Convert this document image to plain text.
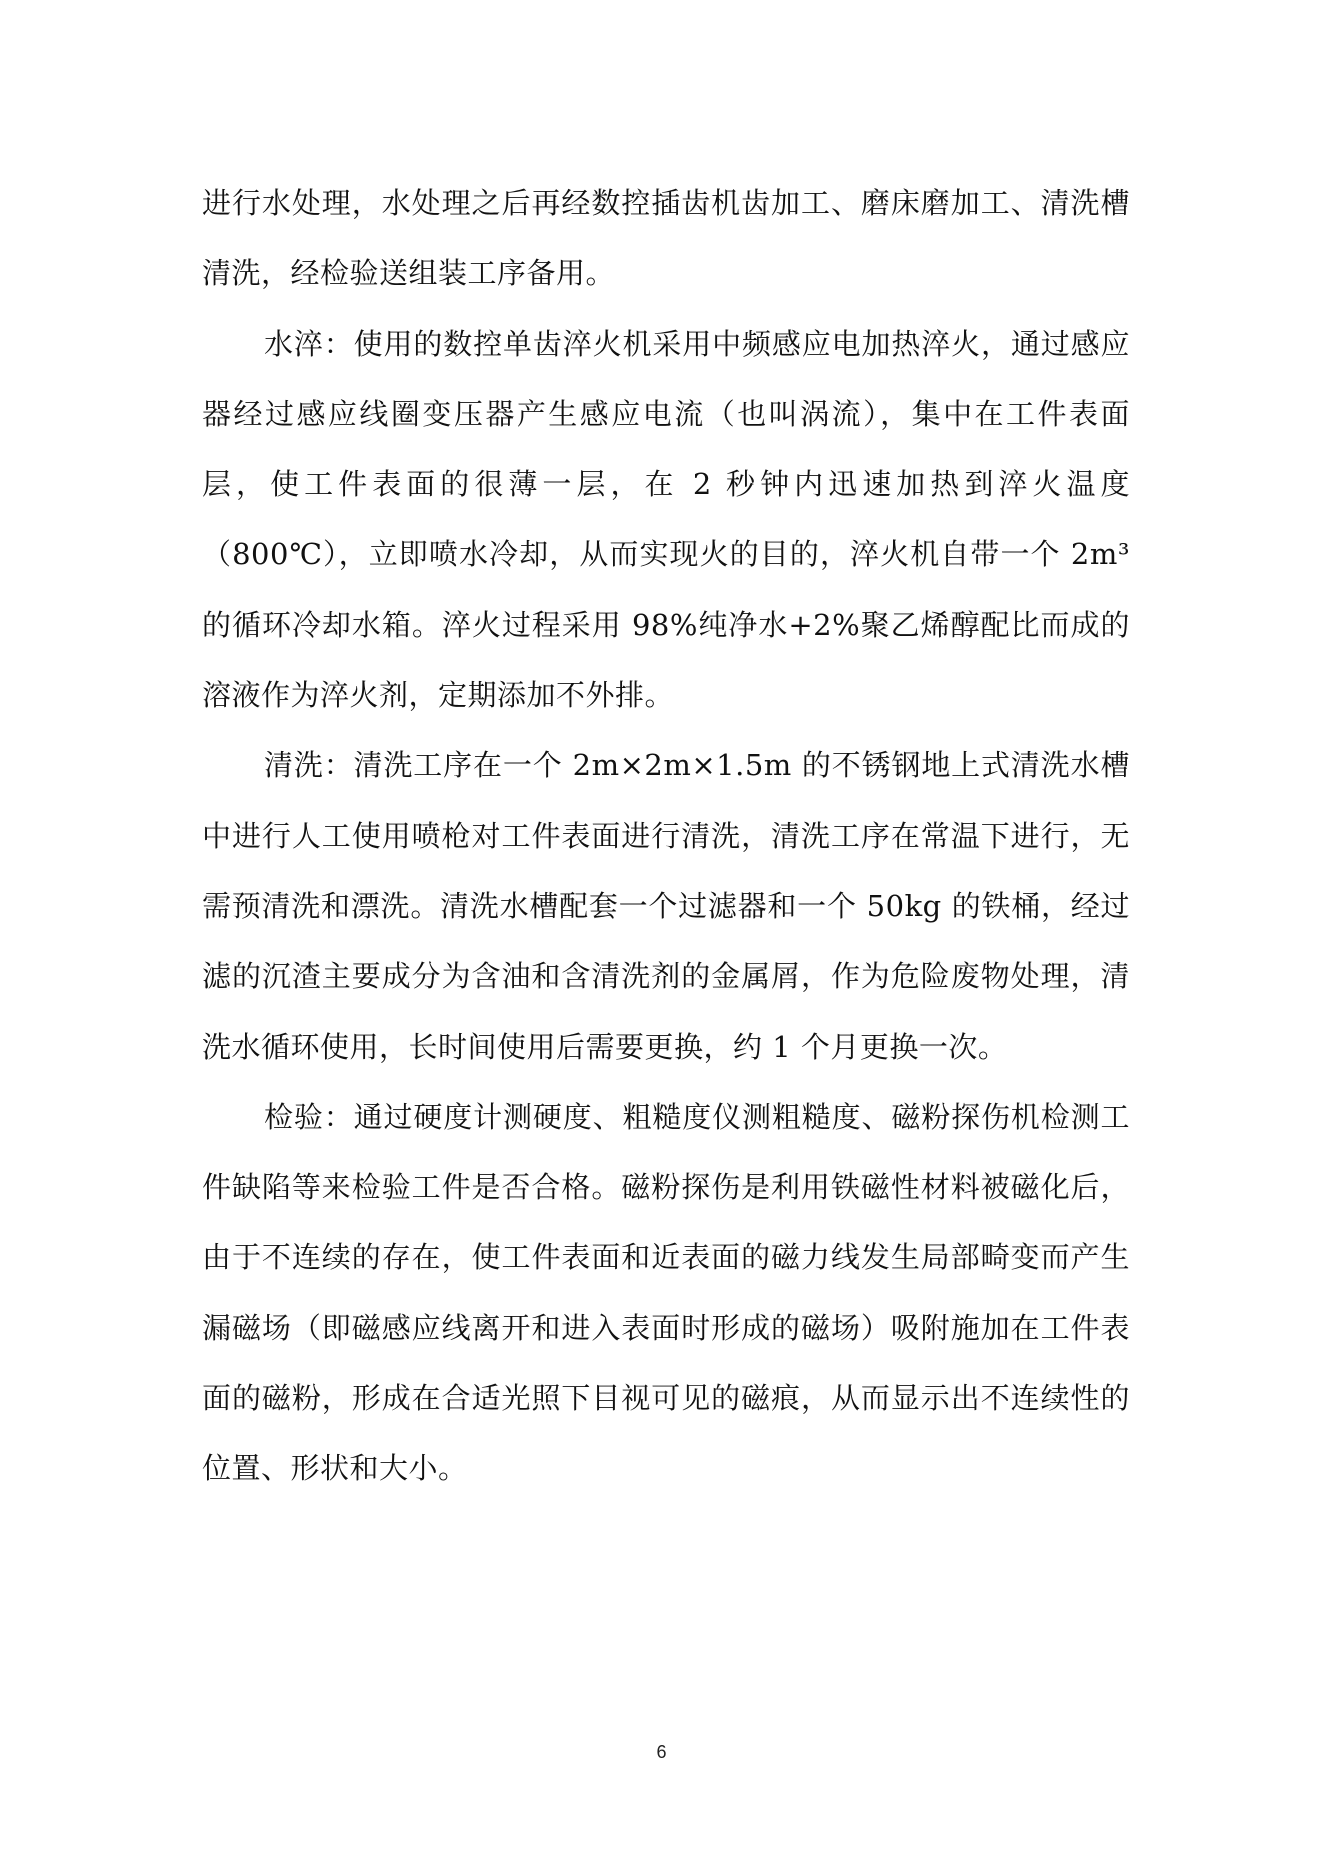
进行水处理，水处理之后再经数控插齿机齿加工、磨床磨加工、清洗槽清洗，经检验送组装工序备用。

水淬：使用的数控单齿淬火机采用中频感应电加热淬火，通过感应器经过感应线圈变压器产生感应电流（也叫涡流），集中在工件表面层，使工件表面的很薄一层，在 2 秒钟内迅速加热到淬火温度（800℃），立即喷水冷却，从而实现火的目的，淬火机自带一个 2m³的循环冷却水箱。淬火过程采用 98%纯净水+2%聚乙烯醇配比而成的溶液作为淬火剂，定期添加不外排。

清洗：清洗工序在一个 2m×2m×1.5m 的不锈钢地上式清洗水槽中进行人工使用喷枪对工件表面进行清洗，清洗工序在常温下进行，无需预清洗和漂洗。清洗水槽配套一个过滤器和一个 50kg 的铁桶，经过滤的沉渣主要成分为含油和含清洗剂的金属屑，作为危险废物处理，清洗水循环使用，长时间使用后需要更换，约 1 个月更换一次。

检验：通过硬度计测硬度、粗糙度仪测粗糙度、磁粉探伤机检测工件缺陷等来检验工件是否合格。磁粉探伤是利用铁磁性材料被磁化后，由于不连续的存在，使工件表面和近表面的磁力线发生局部畸变而产生漏磁场（即磁感应线离开和进入表面时形成的磁场）吸附施加在工件表面的磁粉，形成在合适光照下目视可见的磁痕，从而显示出不连续性的位置、形状和大小。

6
